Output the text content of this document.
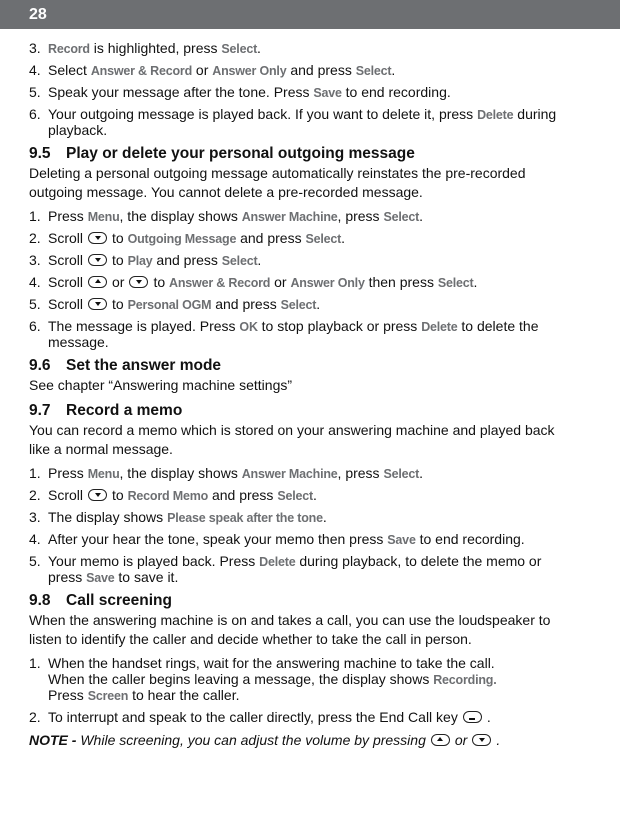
28
3. Record is highlighted, press Select.
4. Select Answer & Record or Answer Only and press Select.
5. Speak your message after the tone. Press Save to end recording.
6. Your outgoing message is played back. If you want to delete it, press Delete during playback.
9.5 Play or delete your personal outgoing message

Deleting a personal outgoing message automatically reinstates the pre-recorded outgoing message. You cannot delete a pre-recorded message.

1. Press Menu, the display shows Answer Machine, press Select.
2. Scroll to Outgoing Message and press Select.
3. Scroll to Play and press Select.
4. Scroll or to Answer & Record or Answer Only then press Select.
5. Scroll to Personal OGM and press Select.
6. The message is played. Press OK to stop playback or press Delete to delete the message.
9.6 Set the answer mode

See chapter “Answering machine settings”

9.7 Record a memo

You can record a memo which is stored on your answering machine and played back like a normal message.

1. Press Menu, the display shows Answer Machine, press Select.
2. Scroll to Record Memo and press Select.
3. The display shows Please speak after the tone.
4. After your hear the tone, speak your memo then press Save to end recording.
5. Your memo is played back. Press Delete during playback, to delete the memo or press Save to save it.
9.8 Call screening

When the answering machine is on and takes a call, you can use the loudspeaker to listen to identify the caller and decide whether to take the call in person.

1. When the handset rings, wait for the answering machine to take the call.
When the caller begins leaving a message, the display shows Recording.
Press Screen to hear the caller.
2. To interrupt and speak to the caller directly, press the End Call key .

NOTE - While screening, you can adjust the volume by pressing or .
